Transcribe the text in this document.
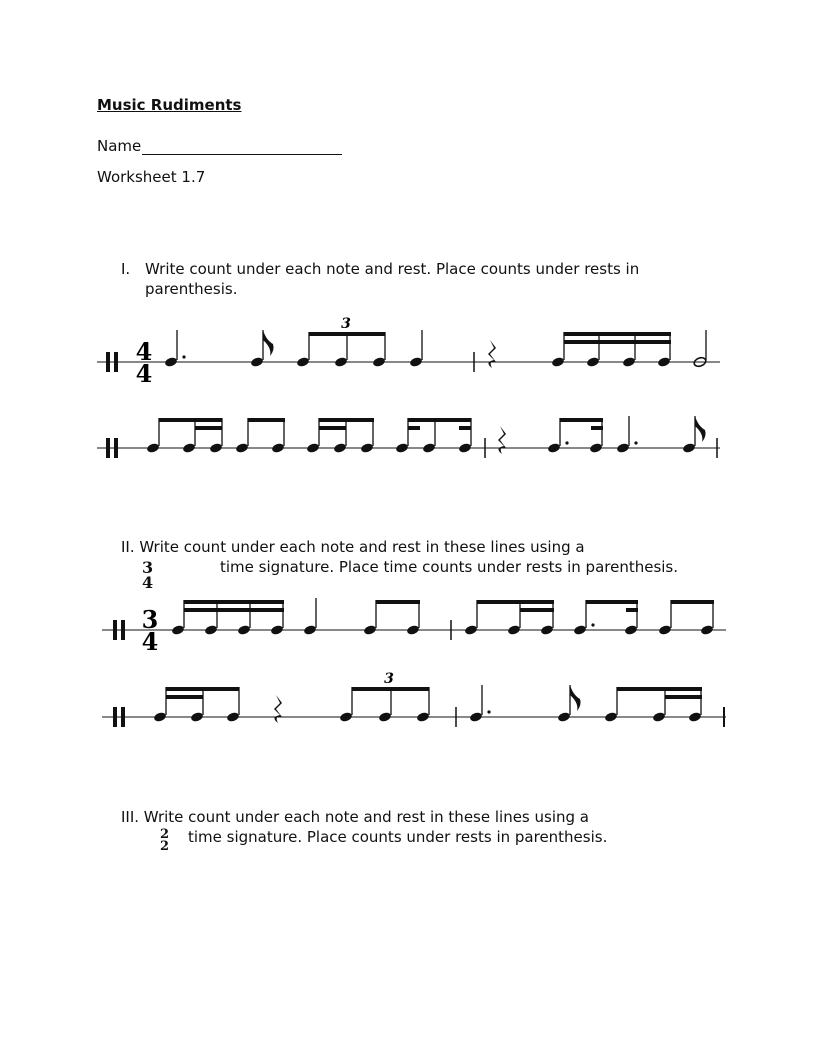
Music Rudiments
Name
Worksheet 1.7
I. Write count under each note and rest. Place counts under rests in parenthesis.
4
4
3
II. Write count under each note and rest in these lines using a
3
4
time signature. Place time counts under rests in parenthesis.
3
4
3
III. Write count under each note and rest in these lines using a
2
2
time signature. Place counts under rests in parenthesis.
